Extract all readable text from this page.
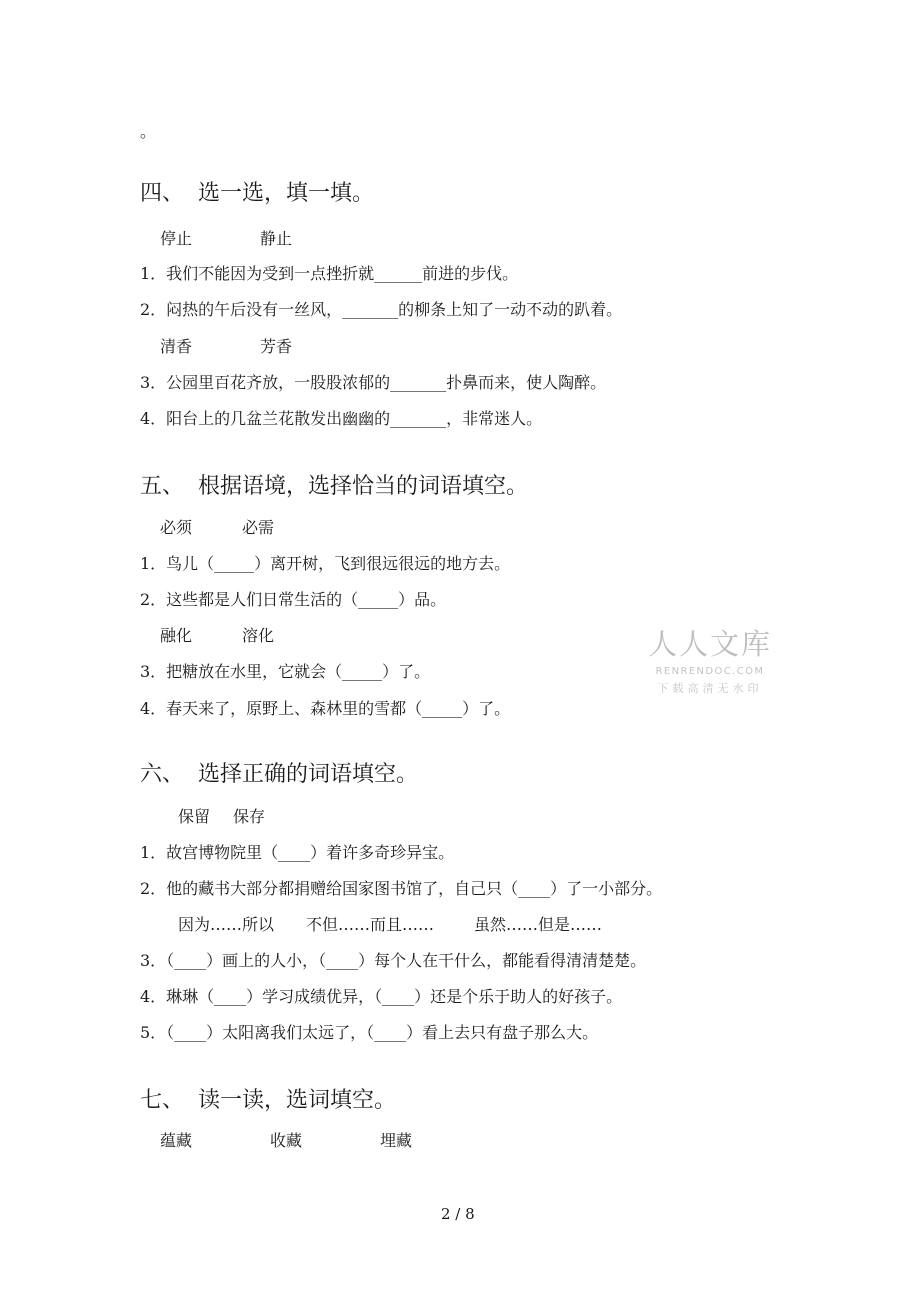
。
四、  选一选，填一填。
停止	静止
1．我们不能因为受到一点挫折就______前进的步伐。
2．闷热的午后没有一丝风，_______的柳条上知了一动不动的趴着。
清香	芳香
3．公园里百花齐放，一股股浓郁的_______扑鼻而来，使人陶醉。
4．阳台上的几盆兰花散发出幽幽的_______，非常迷人。
五、  根据语境，选择恰当的词语填空。
必须	必需
1．鸟儿（_____）离开树，飞到很远很远的地方去。
2．这些都是人们日常生活的（_____）品。
融化	溶化
3．把糖放在水里，它就会（_____）了。
4．春天来了，原野上、森林里的雪都（_____）了。
六、  选择正确的词语填空。
保留 保存
1．故宫博物院里（____）着许多奇珍异宝。
2．他的藏书大部分都捐赠给国家图书馆了，自己只（____）了一小部分。
因为……所以 不但……而且…… 虽然……但是……
3．（____）画上的人小，（____）每个人在干什么，都能看得清清楚楚。
4．琳琳（____）学习成绩优异，（____）还是个乐于助人的好孩子。
5．（____）太阳离我们太远了，（____）看上去只有盘子那么大。
七、  读一读，选词填空。
蕴藏	收藏	埋藏
2 / 8
人人文库
RENRENDOC.COM
下载高清无水印
